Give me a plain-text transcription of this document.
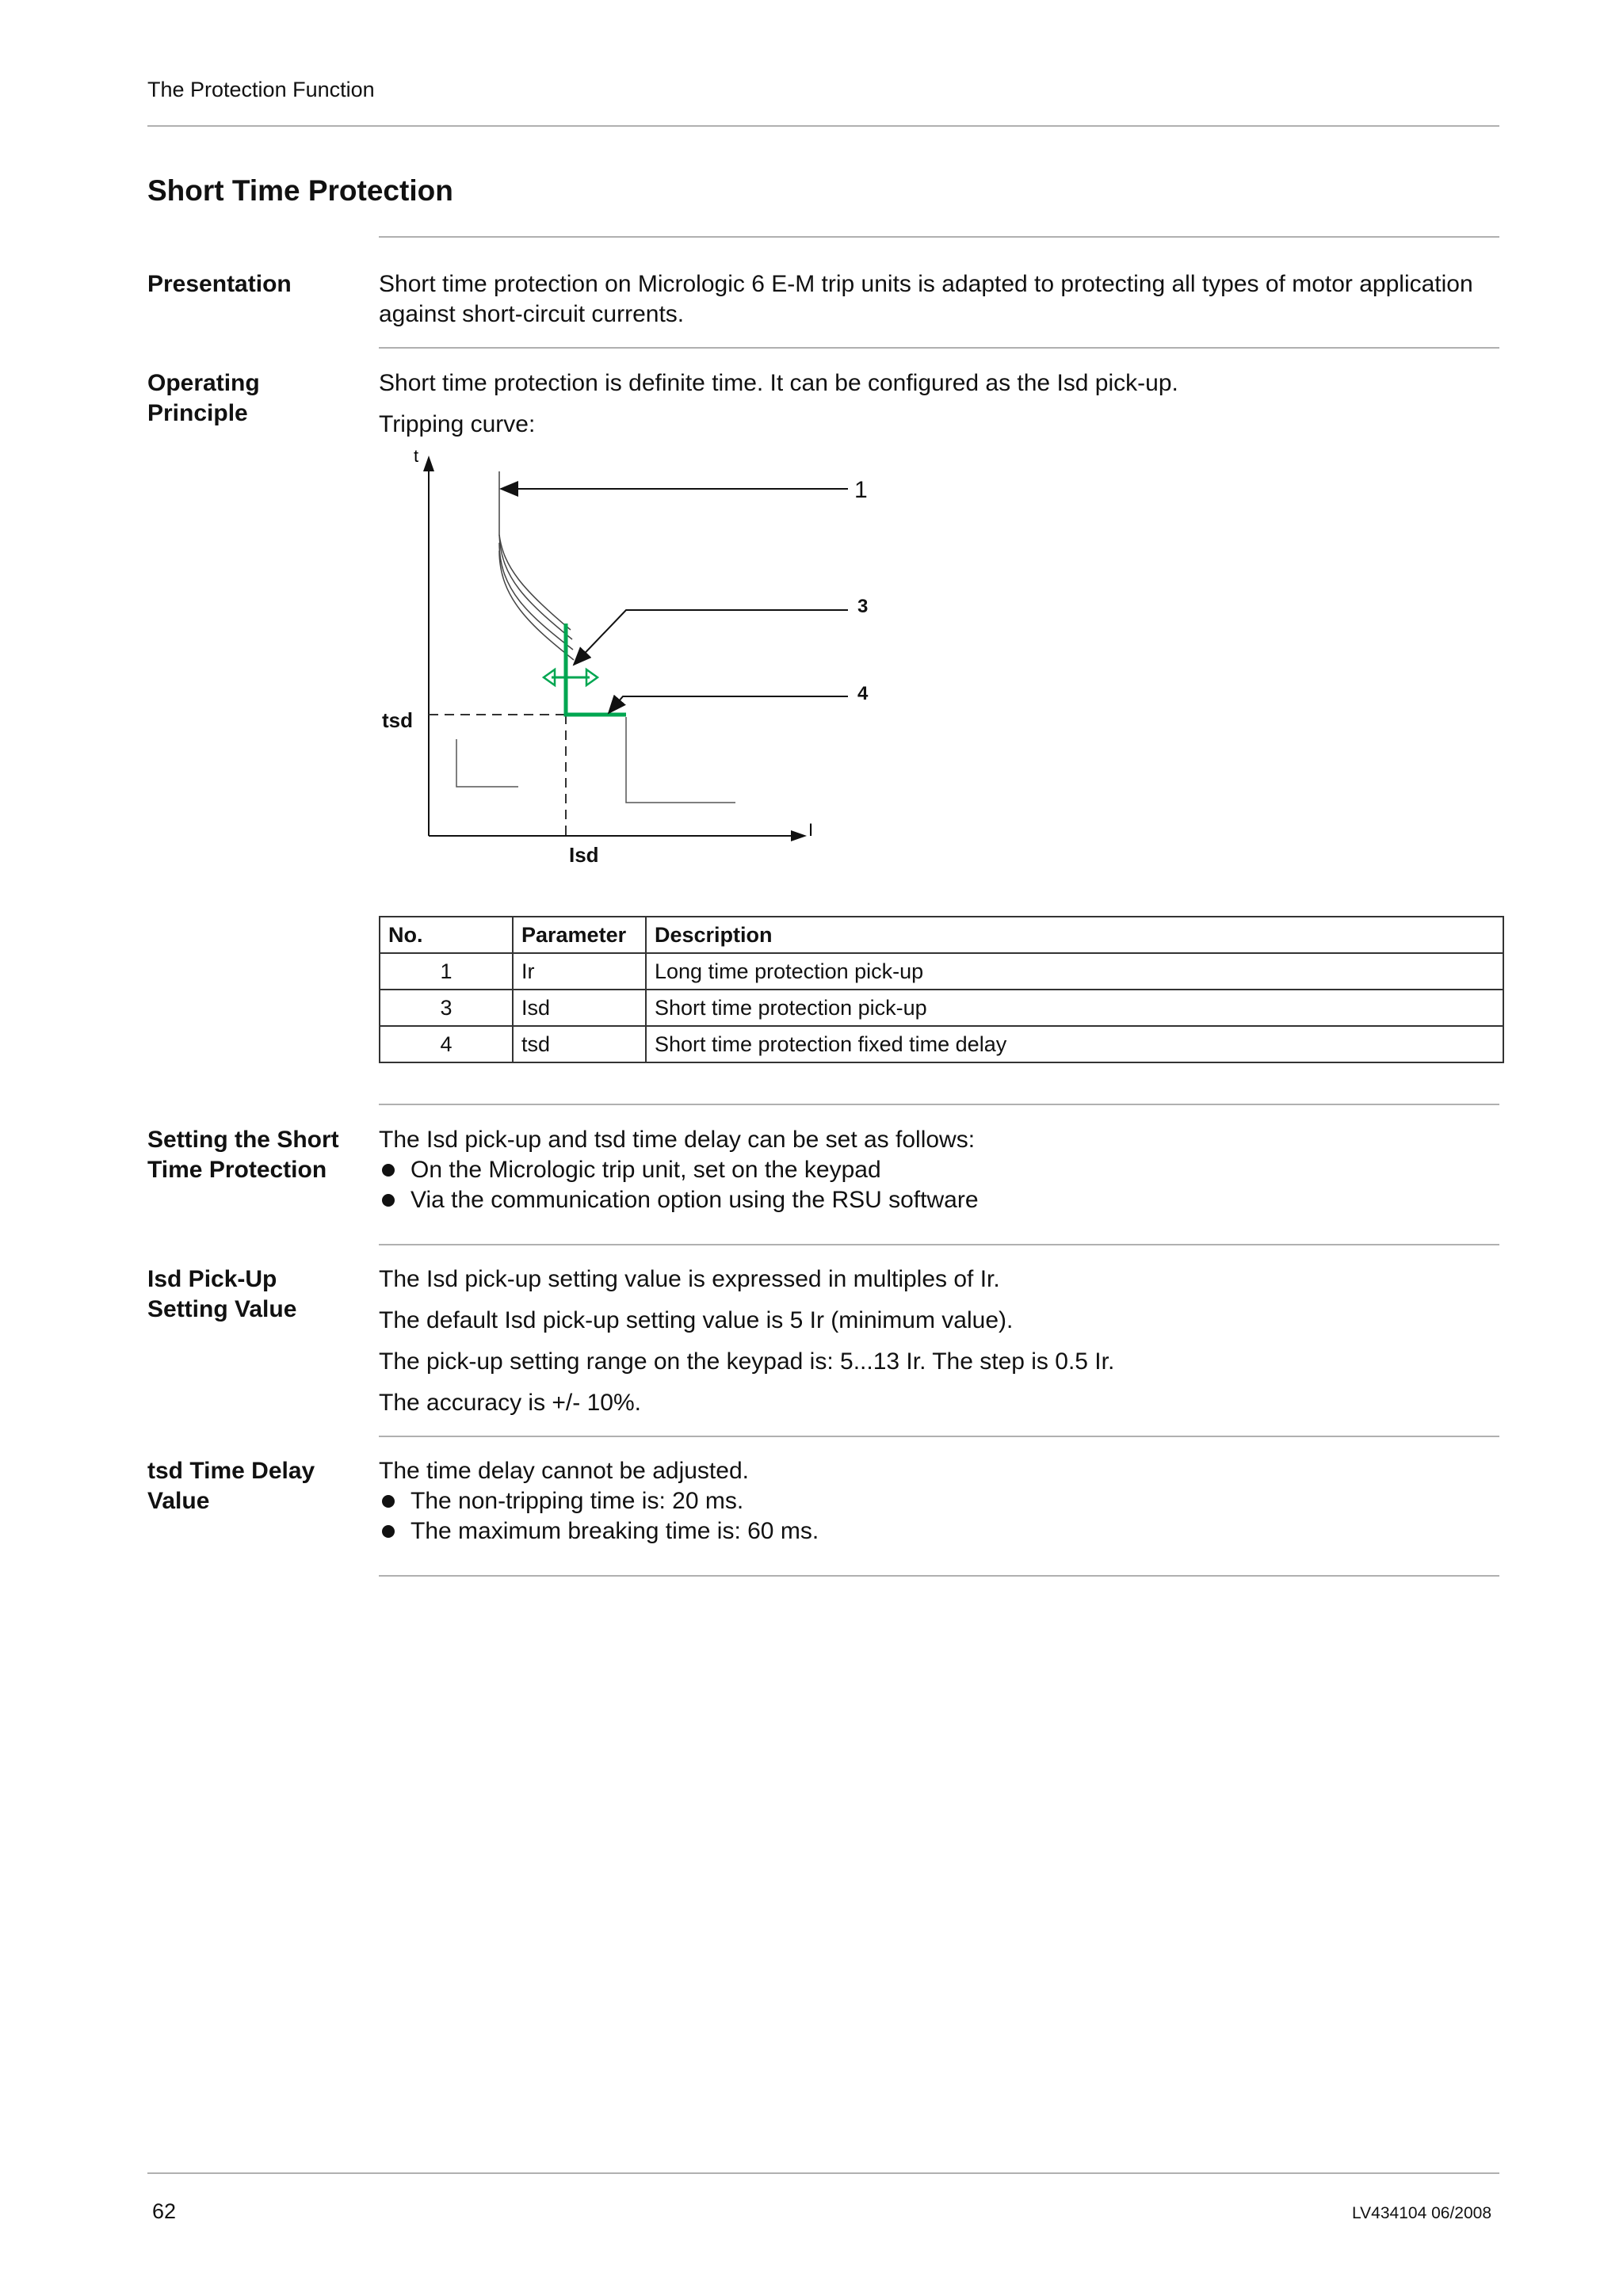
The Protection Function
Short Time Protection
Presentation	Short time protection on Micrologic 6 E-M trip units is adapted to protecting all types of motor application against short-circuit currents.
Operating Principle

Short time protection is definite time. It can be configured as the Isd pick-up.

Tripping curve:

t
I
1
3
4
tsd
Isd
No.	Parameter	Description
1	Ir	Long time protection pick-up
3	Isd	Short time protection pick-up
4	tsd	Short time protection fixed time delay
Setting the Short Time Protection
The Isd pick-up and tsd time delay can be set as follows:
On the Micrologic trip unit, set on the keypad
Via the communication option using the RSU software
Isd Pick-Up Setting Value

The Isd pick-up setting value is expressed in multiples of Ir.

The default Isd pick-up setting value is 5 Ir (minimum value).

The pick-up setting range on the keypad is: 5...13 Ir. The step is 0.5 Ir.

The accuracy is +/- 10%.

tsd Time Delay Value
The time delay cannot be adjusted.
The non-tripping time is: 20 ms.
The maximum breaking time is: 60 ms.
62	LV434104 06/2008
